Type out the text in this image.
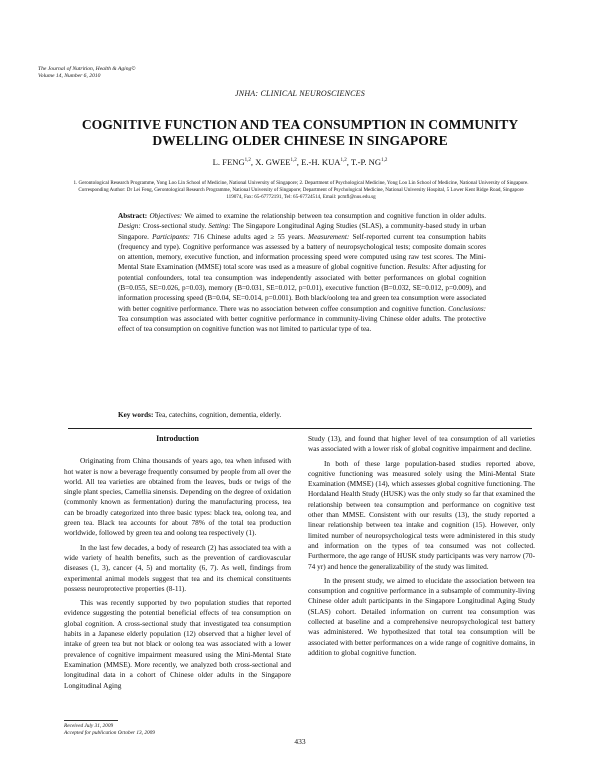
The Journal of Nutrition, Health & Aging©
Volume 14, Number 6, 2010
JNHA: CLINICAL NEUROSCIENCES
COGNITIVE FUNCTION AND TEA CONSUMPTION IN COMMUNITY
DWELLING OLDER CHINESE IN SINGAPORE
L. FENG$^{1,2}$, X. GWEE$^{1,2}$, E.-H. KUA$^{1,2}$, T.-P. NG$^{1,2}$
1. Gerontological Research Programme, Yong Loo Lin School of Medicine, National University of Singapore; 2. Department of Psychological Medicine, Yong Loo Lin School of Medicine, National University of Singapore. Corresponding Author: Dr Lei Feng, Gerontological Research Programme, National University of Singapore; Department of Psychological Medicine, National University Hospital, 5 Lower Kent Ridge Road, Singapore 119074, Fax: 65-67772191, Tel: 65-67724514, Email: pcmfl@nus.edu.sg
Abstract: Objectives: We aimed to examine the relationship between tea consumption and cognitive function in older adults. Design: Cross-sectional study. Setting: The Singapore Longitudinal Aging Studies (SLAS), a community-based study in urban Singapore. Participants: 716 Chinese adults aged ≥ 55 years. Measurement: Self-reported current tea consumption habits (frequency and type). Cognitive performance was assessed by a battery of neuropsychological tests; composite domain scores on attention, memory, executive function, and information processing speed were computed using raw test scores. The Mini-Mental State Examination (MMSE) total score was used as a measure of global cognitive function. Results: After adjusting for potential confounders, total tea consumption was independently associated with better performances on global cognition (B=0.055, SE=0.026, p=0.03), memory (B=0.031, SE=0.012, p=0.01), executive function (B=0.032, SE=0.012, p=0.009), and information processing speed (B=0.04, SE=0.014, p=0.001). Both black/oolong tea and green tea consumption were associated with better cognitive performance. There was no association between coffee consumption and cognitive function. Conclusions: Tea consumption was associated with better cognitive performance in community-living Chinese older adults. The protective effect of tea consumption on cognitive function was not limited to particular type of tea.
Key words: Tea, catechins, cognition, dementia, elderly.
Introduction

Originating from China thousands of years ago, tea when infused with hot water is now a beverage frequently consumed by people from all over the world. All tea varieties are obtained from the leaves, buds or twigs of the single plant species, Camellia sinensis. Depending on the degree of oxidation (commonly known as fermentation) during the manufacturing process, tea can be broadly categorized into three basic types: black tea, oolong tea, and green tea. Black tea accounts for about 78% of the total tea production worldwide, followed by green tea and oolong tea respectively (1).

In the last few decades, a body of research (2) has associated tea with a wide variety of health benefits, such as the prevention of cardiovascular diseases (1, 3), cancer (4, 5) and mortality (6, 7). As well, findings from experimental animal models suggest that tea and its chemical constituents possess neuroprotective properties (8-11).

This was recently supported by two population studies that reported evidence suggesting the potential beneficial effects of tea consumption on global cognition. A cross-sectional study that investigated tea consumption habits in a Japanese elderly population (12) observed that a higher level of intake of green tea but not black or oolong tea was associated with a lower prevalence of cognitive impairment measured using the Mini-Mental State Examination (MMSE). More recently, we analyzed both cross-sectional and longitudinal data in a cohort of Chinese older adults in the Singapore Longitudinal Aging

Study (13), and found that higher level of tea consumption of all varieties was associated with a lower risk of global cognitive impairment and decline.

In both of these large population-based studies reported above, cognitive functioning was measured solely using the Mini-Mental State Examination (MMSE) (14), which assesses global cognitive functioning. The Hordaland Health Study (HUSK) was the only study so far that examined the relationship between tea consumption and performance on cognitive test other than MMSE. Consistent with our results (13), the study reported a linear relationship between tea intake and cognition (15). However, only limited number of neuropsychological tests were administered in this study and information on the types of tea consumed was not collected. Furthermore, the age range of HUSK study participants was very narrow (70-74 yr) and hence the generalizability of the study was limited.

In the present study, we aimed to elucidate the association between tea consumption and cognitive performance in a subsample of community-living Chinese older adult participants in the Singapore Longitudinal Aging Study (SLAS) cohort. Detailed information on current tea consumption was collected at baseline and a comprehensive neuropsychological test battery was administered. We hypothesized that total tea consumption will be associated with better performances on a wide range of cognitive domains, in addition to global cognitive function.

Received July 31, 2009
Accepted for publication October 13, 2009
433
